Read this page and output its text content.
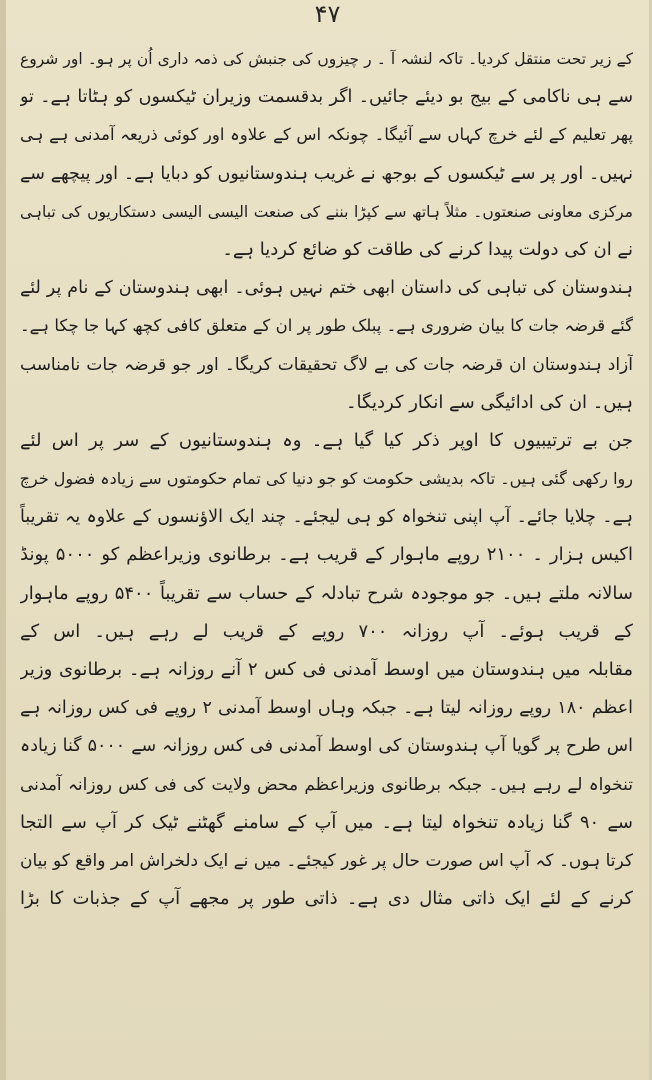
۴۷
کے زیر تحت منتقل کردیا۔ تاکہ لنشہ آ ۔ ر چیزوں کی جنبش کی ذمہ داری اُن پر ہو۔ اور شروع
سے ہی ناکامی کے بیج بو دیئے جائیں۔ اگر بدقسمت وزیران ٹیکسوں کو ہٹاتا ہے۔ تو
پھر تعلیم کے لئے خرچ کہاں سے آئیگا۔ چونکہ اس کے علاوہ اور کوئی ذریعہ آمدنی ہے ہی
نہیں۔ اور پر سے ٹیکسوں کے بوجھ نے غریب ہندوستانیوں کو دبایا ہے۔ اور پیچھے سے
مرکزی معاونی صنعتوں۔ مثلاً ہاتھ سے کپڑا بننے کی صنعت الیسی الیسی دستکاریوں کی تباہی
نے ان کی دولت پیدا کرنے کی طاقت کو ضائع کردیا ہے۔
ہندوستان کی تباہی کی داستان ابھی ختم نہیں ہوئی۔ ابھی ہندوستان کے نام پر لئے
گئے قرضہ جات کا بیان ضروری ہے۔ پبلک طور پر ان کے متعلق کافی کچھ کہا جا چکا ہے۔
آزاد ہندوستان ان قرضہ جات کی بے لاگ تحقیقات کریگا۔ اور جو قرضہ جات نامناسب
ہیں۔ ان کی ادائیگی سے انکار کردیگا۔
جن بے ترتیبیوں کا اوپر ذکر کیا گیا ہے۔ وہ ہندوستانیوں کے سر پر اس لئے
روا رکھی گئی ہیں۔ تاکہ بدیشی حکومت کو جو دنیا کی تمام حکومتوں سے زیادہ فضول خرچ
ہے۔ چلایا جائے۔ آپ اپنی تنخواہ کو ہی لیجئے۔ چند ایک الاؤنسوں کے علاوہ یہ تقریباً
اکیس ہزار ۔ ۲۱۰۰ روپے ماہوار کے قریب ہے۔ برطانوی وزیراعظم کو ۵۰۰۰ پونڈ
سالانہ ملتے ہیں۔ جو موجودہ شرح تبادلہ کے حساب سے تقریباً ۵۴۰۰ روپے ماہوار
کے قریب ہوئے۔ آپ روزانہ ۷۰۰ روپے کے قریب لے رہے ہیں۔ اس کے
مقابلہ میں ہندوستان میں اوسط آمدنی فی کس ۲ آنے روزانہ ہے۔ برطانوی وزیر
اعظم ۱۸۰ روپے روزانہ لیتا ہے۔ جبکہ وہاں اوسط آمدنی ۲ روپے فی کس روزانہ ہے
اس طرح پر گویا آپ ہندوستان کی اوسط آمدنی فی کس روزانہ سے ۵۰۰۰ گنا زیادہ
تنخواہ لے رہے ہیں۔ جبکہ برطانوی وزیراعظم محض ولایت کی فی کس روزانہ آمدنی
سے ۹۰ گنا زیادہ تنخواہ لیتا ہے۔ میں آپ کے سامنے گھٹنے ٹیک کر آپ سے التجا
کرتا ہوں۔ کہ آپ اس صورت حال پر غور کیجئے۔ میں نے ایک دلخراش امر واقع کو بیان
کرنے کے لئے ایک ذاتی مثال دی ہے۔ ذاتی طور پر مجھے آپ کے جذبات کا بڑا
